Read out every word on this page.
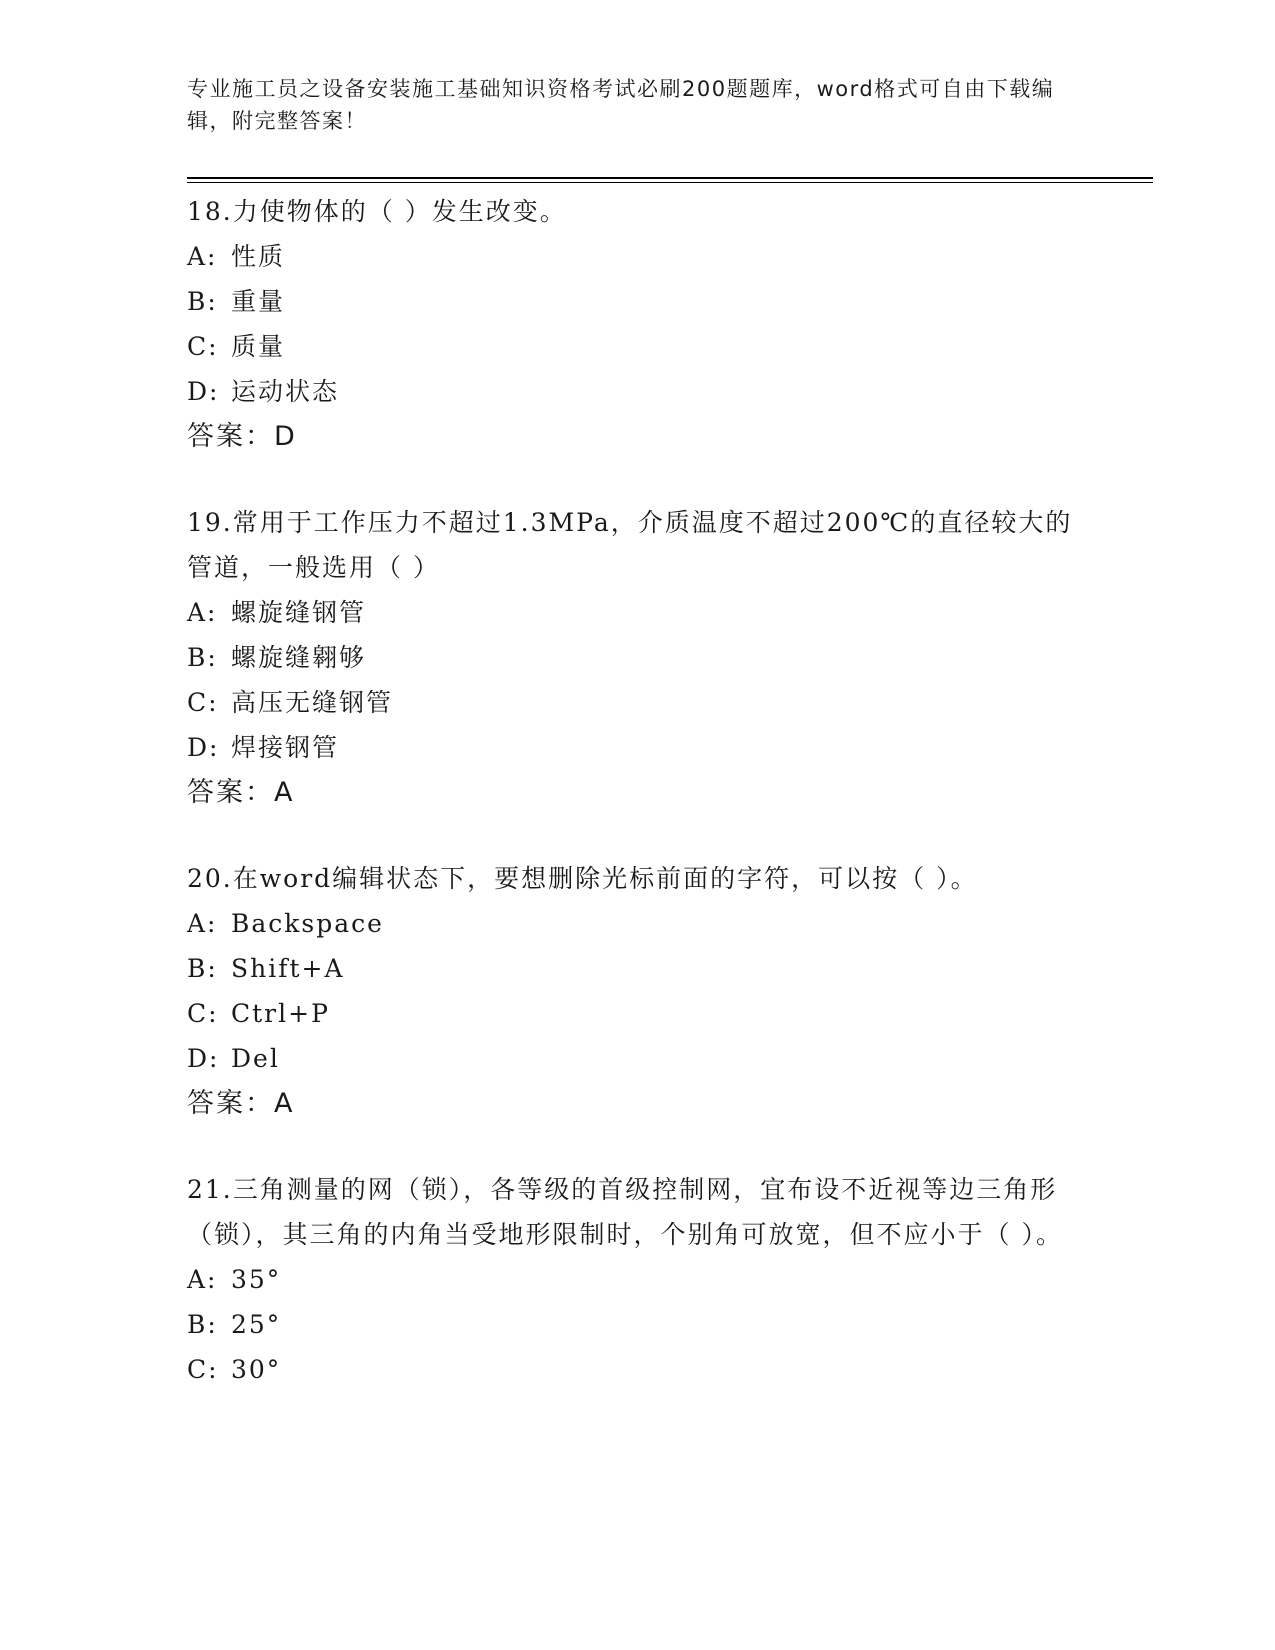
专业施工员之设备安装施工基础知识资格考试必刷200题题库，word格式可自由下载编辑，附完整答案！

18.力使物体的（ ）发生改变。

A: 性质

B: 重量

C: 质量

D: 运动状态

答案：D

19.常用于工作压力不超过1.3MPa，介质温度不超过200℃的直径较大的管道，一般选用（ ）

A: 螺旋缝钢管

B: 螺旋缝翱够

C: 高压无缝钢管

D: 焊接钢管

答案：A

20.在word编辑状态下，要想删除光标前面的字符，可以按（ ）。

A: Backspace

B: Shift+A

C: Ctrl+P

D: Del

答案：A

21.三角测量的网（锁），各等级的首级控制网，宜布设不近视等边三角形（锁），其三角的内角当受地形限制时，个别角可放宽，但不应小于（ ）。

A: 35°

B: 25°

C: 30°
